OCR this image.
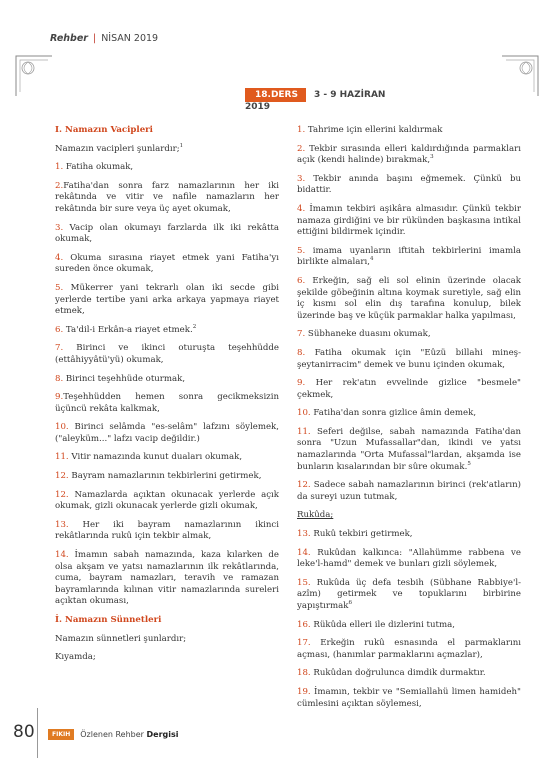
Rehber | NİSAN 2019
18.DERS 3 - 9 HAZİRAN 2019

I. Namazın Vacipleri

Namazın vacipleri şunlardır;$^1$

1. Fatiha okumak,

2.Fatiha'dan sonra farz namazlarının her iki rekâtında ve vitir ve nafile namazların her rekâtında bir sure veya üç ayet okumak,

3. Vacip olan okumayı farzlarda ilk iki rekâtta okumak,

4. Okuma sırasına riayet etmek yani Fatiha'yı sureden önce okumak,

5. Mükerrer yani tekrarlı olan iki secde gibi yerlerde tertibe yani arka arkaya yapmaya riayet etmek,

6. Ta'dil-i Erkân-a riayet etmek.$^2$

7. Birinci ve ikinci oturuşta teşehhüdde (ettâhiyyâtü'yü) okumak,

8. Birinci teşehhüde oturmak,

9.Teşehhüdden hemen sonra gecikmeksizin üçüncü rekâta kalkmak,

10. Birinci selâmda "es-selâm" lafzını söylemek, ("aleyküm..." lafzı vacip değildir.)

11. Vitir namazında kunut duaları okumak,

12. Bayram namazlarının tekbirlerini getirmek,

12. Namazlarda açıktan okunacak yerlerde açık okumak, gizli okunacak yerlerde gizli okumak,

13. Her iki bayram namazlarının ikinci rekâtlarında rukû için tekbir almak,

14. İmamın sabah namazında, kaza kılarken de olsa akşam ve yatsı namazlarının ilk rekâtlarında, cuma, bayram namazları, teravih ve ramazan bayramlarında kılınan vitir namazlarında sureleri açıktan okuması,

İ. Namazın Sünnetleri

Namazın sünnetleri şunlardır;

Kıyamda;

1. Tahrime için ellerini kaldırmak

2. Tekbir sırasında elleri kaldırdığında parmakları açık (kendi halinde) bırakmak,$^3$

3. Tekbir anında başını eğmemek. Çünkü bu bidattir.

4. İmamın tekbiri aşikâra almasıdır. Çünkü tekbir namaza girdiğini ve bir rükünden başkasına intikal ettiğini bildirmek içindir.

5. imama uyanların iftitah tekbirlerini imamla birlikte almaları,$^4$

6. Erkeğin, sağ eli sol elinin üzerinde olacak şekilde göbeğinin altına koymak suretiyle, sağ elin iç kısmı sol elin dış tarafına konulup, bilek üzerinde baş ve küçük parmaklar halka yapılması,

7. Sübhaneke duasını okumak,

8. Fatiha okumak için "Eûzü billahi mineş-şeytanirracim" demek ve bunu içinden okumak,

9. Her rek'atın evvelinde gizlice "besmele" çekmek,

10. Fatiha'dan sonra gizlice âmin demek,

11. Seferi değilse, sabah namazında Fatiha'dan sonra "Uzun Mufassallar"dan, ikindi ve yatsı namazlarında "Orta Mufassal"lardan, akşamda ise bunların kısalarından bir sûre okumak.$^5$

12. Sadece sabah namazlarının birinci (rek'atların) da sureyi uzun tutmak,

Rukûda;

13. Rukû tekbiri getirmek,

14. Rukûdan kalkınca: "Allahümme rabbena ve leke'l-hamd" demek ve bunları gizli söylemek,

15. Rukûda üç defa tesbih (Sübhane Rabbiye'l-azîm) getirmek ve topuklarını birbirine yapıştırmak$^6$

16. Rükûda elleri ile dizlerini tutma,

17. Erkeğin rukû esnasında el parmaklarını açması, (hanımlar parmaklarını açmazlar),

18. Rukûdan doğrulunca dimdik durmaktır.

19. İmamın, tekbir ve "Semiallahü limen hamideh" cümlesini açıktan söylemesi,

80	FIKIH Özlenen Rehber Dergisi
